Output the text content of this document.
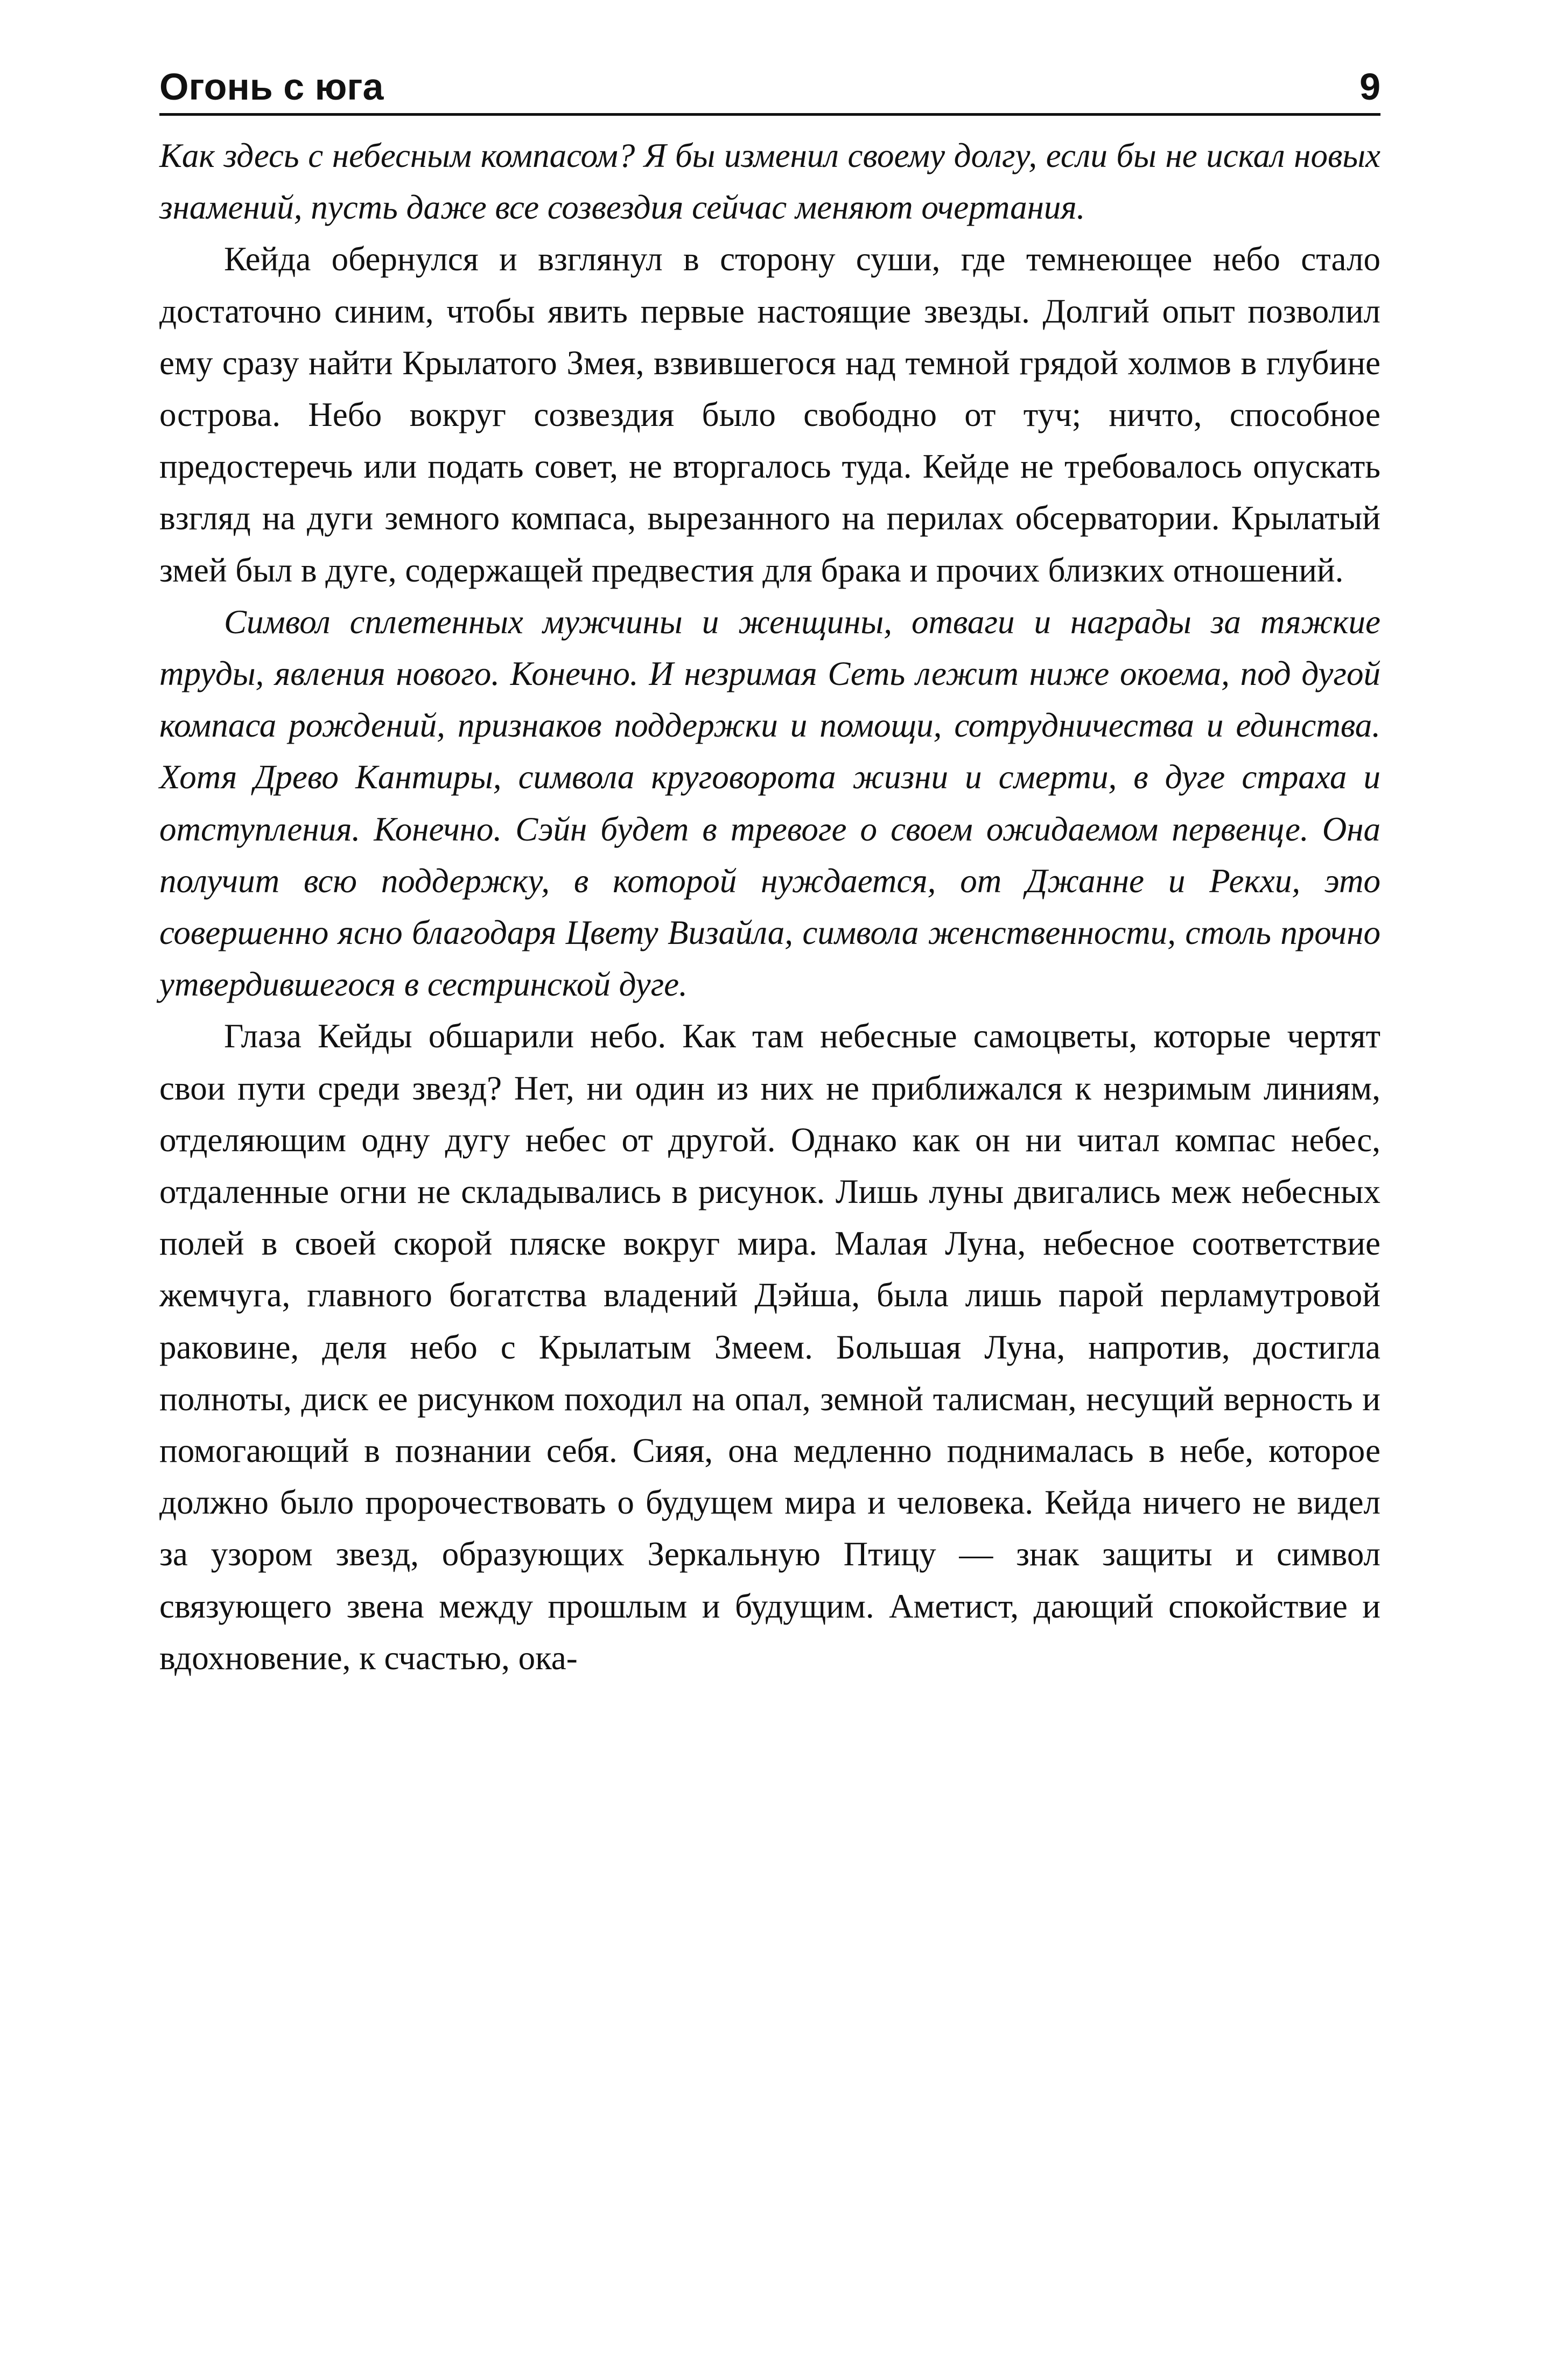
Огонь с юга	9

Как здесь с небесным компасом? Я бы изменил своему долгу, если бы не искал новых знамений, пусть даже все созвездия сейчас меняют очертания.

Кейда обернулся и взглянул в сторону суши, где темнеющее небо стало достаточно синим, чтобы явить первые настоящие звезды. Долгий опыт позволил ему сразу найти Крылатого Змея, взвившегося над темной грядой холмов в глубине острова. Небо вокруг созвездия было свободно от туч; ничто, способное предостеречь или подать совет, не вторгалось туда. Кейде не требовалось опускать взгляд на дуги земного компаса, вырезанного на перилах обсерватории. Крылатый змей был в дуге, содержащей предвестия для брака и прочих близких отношений.

Символ сплетенных мужчины и женщины, отваги и награды за тяжкие труды, явления нового. Конечно. И незримая Сеть лежит ниже окоема, под дугой компаса рождений, признаков поддержки и помощи, сотрудничества и единства. Хотя Древо Кантиры, символа круговорота жизни и смерти, в дуге страха и отступления. Конечно. Сэйн будет в тревоге о своем ожидаемом первенце. Она получит всю поддержку, в которой нуждается, от Джанне и Рекхи, это совершенно ясно благодаря Цвету Визайла, символа женственности, столь прочно утвердившегося в сестринской дуге.

Глаза Кейды обшарили небо. Как там небесные самоцветы, которые чертят свои пути среди звезд? Нет, ни один из них не приближался к незримым линиям, отделяющим одну дугу небес от другой. Однако как он ни читал компас небес, отдаленные огни не складывались в рисунок. Лишь луны двигались меж небесных полей в своей скорой пляске вокруг мира. Малая Луна, небесное соответствие жемчуга, главного богатства владений Дэйша, была лишь парой перламутровой раковине, деля небо с Крылатым Змеем. Большая Луна, напротив, достигла полноты, диск ее рисунком походил на опал, земной талисман, несущий верность и помогающий в познании себя. Сияя, она медленно поднималась в небе, которое должно было пророчествовать о будущем мира и человека. Кейда ничего не видел за узором звезд, образующих Зеркальную Птицу — знак защиты и символ связующего звена между прошлым и будущим. Аметист, дающий спокойствие и вдохновение, к счастью, ока-
